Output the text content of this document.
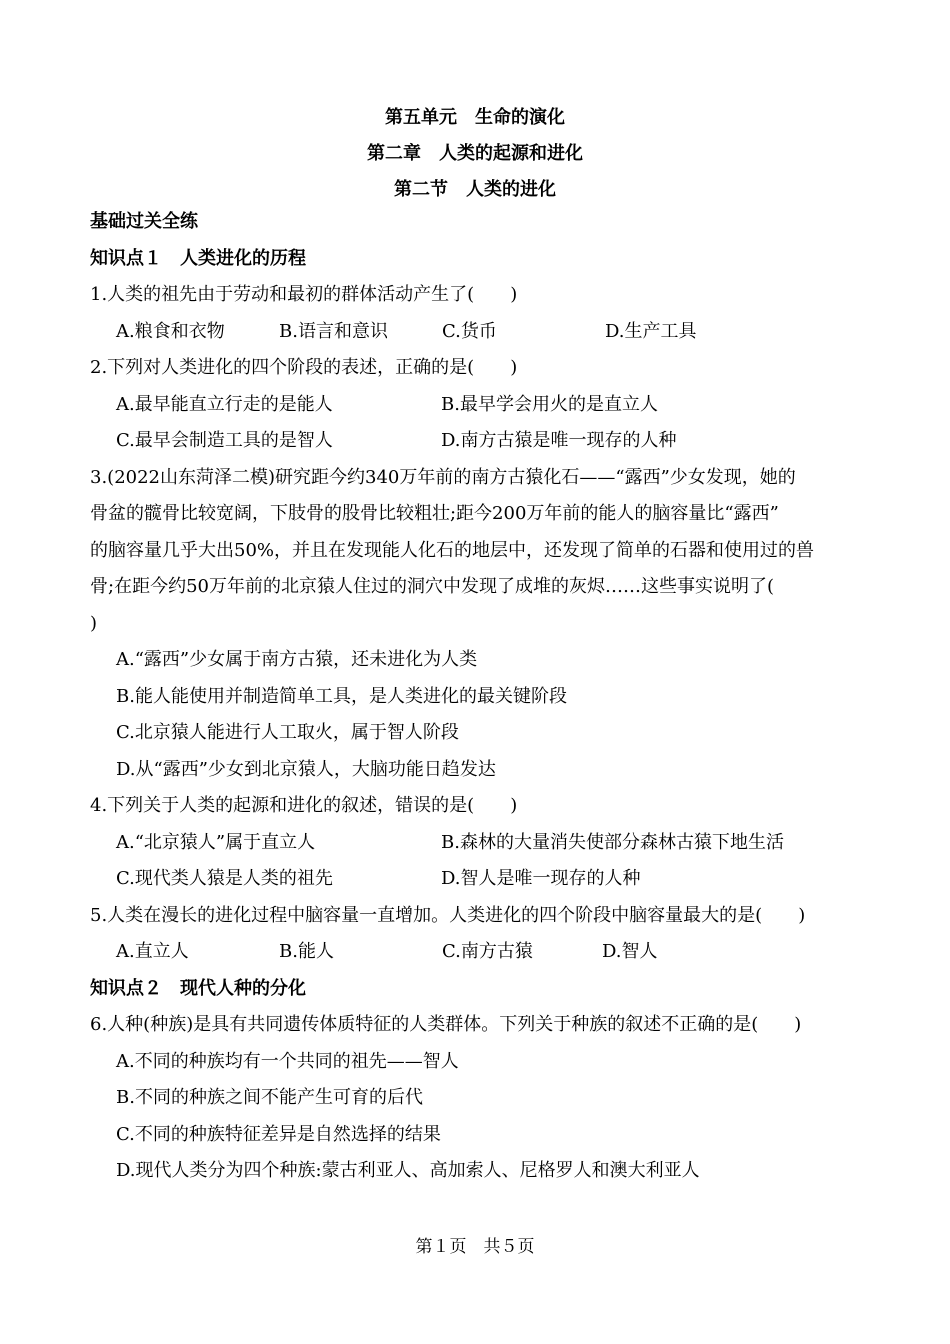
第五单元　生命的演化
第二章　人类的起源和进化
第二节　人类的进化
基础过关全练
知识点１　人类进化的历程
1.人类的祖先由于劳动和最初的群体活动产生了(　　)
A.粮食和衣物	B.语言和意识	C.货币	D.生产工具
2.下列对人类进化的四个阶段的表述，正确的是(　　)
A.最早能直立行走的是能人	B.最早学会用火的是直立人
C.最早会制造工具的是智人	D.南方古猿是唯一现存的人种
3.(2022山东菏泽二模)研究距今约340万年前的南方古猿化石——“露西”少女发现，她的
骨盆的髋骨比较宽阔，下肢骨的股骨比较粗壮;距今200万年前的能人的脑容量比“露西”
的脑容量几乎大出50%，并且在发现能人化石的地层中，还发现了简单的石器和使用过的兽
骨;在距今约50万年前的北京猿人住过的洞穴中发现了成堆的灰烬……这些事实说明了(
)
A.“露西”少女属于南方古猿，还未进化为人类
B.能人能使用并制造简单工具，是人类进化的最关键阶段
C.北京猿人能进行人工取火，属于智人阶段
D.从“露西”少女到北京猿人，大脑功能日趋发达
4.下列关于人类的起源和进化的叙述，错误的是(　　)
A.“北京猿人”属于直立人	B.森林的大量消失使部分森林古猿下地生活
C.现代类人猿是人类的祖先	D.智人是唯一现存的人种
5.人类在漫长的进化过程中脑容量一直增加。人类进化的四个阶段中脑容量最大的是(　　)
A.直立人	B.能人	C.南方古猿	D.智人
知识点２　现代人种的分化
6.人种(种族)是具有共同遗传体质特征的人类群体。下列关于种族的叙述不正确的是(　　)
A.不同的种族均有一个共同的祖先——智人
B.不同的种族之间不能产生可育的后代
C.不同的种族特征差异是自然选择的结果
D.现代人类分为四个种族:蒙古利亚人、高加索人、尼格罗人和澳大利亚人
第１页　共５页
